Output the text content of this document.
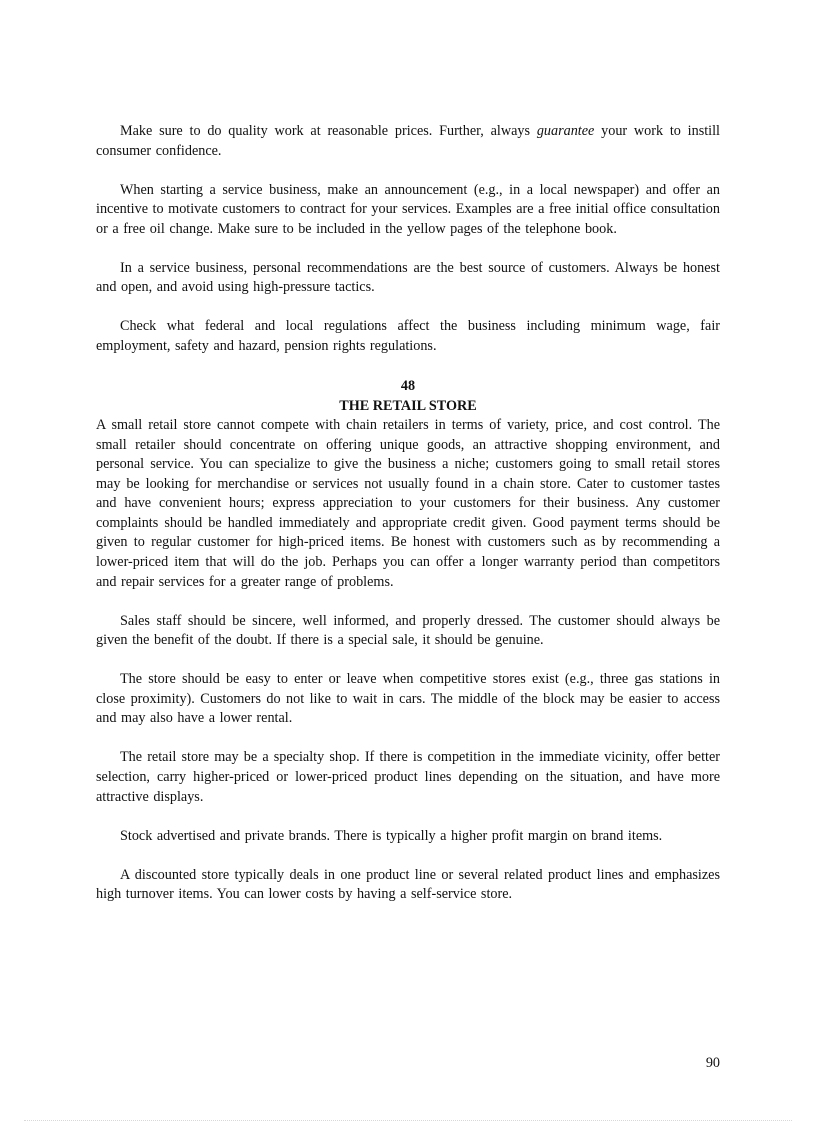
Make sure to do quality work at reasonable prices. Further, always guarantee your work to instill consumer confidence.

When starting a service business, make an announcement (e.g., in a local newspaper) and offer an incentive to motivate customers to contract for your services. Examples are a free initial office consultation or a free oil change. Make sure to be included in the yellow pages of the telephone book.

In a service business, personal recommendations are the best source of customers. Always be honest and open, and avoid using high-pressure tactics.

Check what federal and local regulations affect the business including minimum wage, fair employment, safety and hazard, pension rights regulations.

48
THE RETAIL STORE

A small retail store cannot compete with chain retailers in terms of variety, price, and cost control. The small retailer should concentrate on offering unique goods, an attractive shopping environment, and personal service. You can specialize to give the business a niche; customers going to small retail stores may be looking for merchandise or services not usually found in a chain store. Cater to customer tastes and have convenient hours; express appreciation to your customers for their business. Any customer complaints should be handled immediately and appropriate credit given. Good payment terms should be given to regular customer for high-priced items. Be honest with customers such as by recommending a lower-priced item that will do the job. Perhaps you can offer a longer warranty period than competitors and repair services for a greater range of problems.

Sales staff should be sincere, well informed, and properly dressed. The customer should always be given the benefit of the doubt. If there is a special sale, it should be genuine.

The store should be easy to enter or leave when competitive stores exist (e.g., three gas stations in close proximity). Customers do not like to wait in cars. The middle of the block may be easier to access and may also have a lower rental.

The retail store may be a specialty shop. If there is competition in the immediate vicinity, offer better selection, carry higher-priced or lower-priced product lines depending on the situation, and have more attractive displays.

Stock advertised and private brands. There is typically a higher profit margin on brand items.

A discounted store typically deals in one product line or several related product lines and emphasizes high turnover items. You can lower costs by having a self-service store.

90
